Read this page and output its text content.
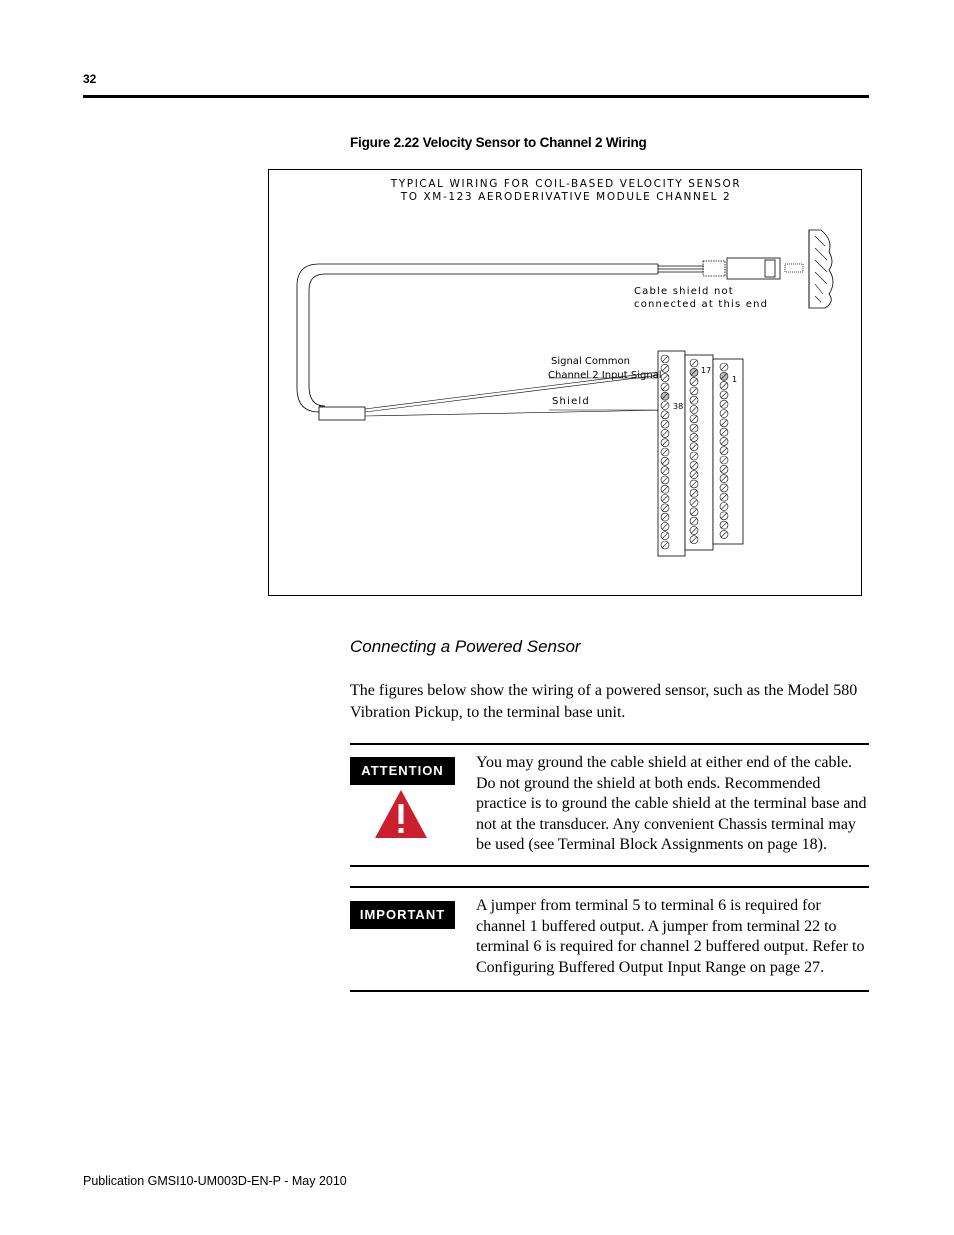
32
Figure 2.22 Velocity Sensor to Channel 2 Wiring
TYPICAL WIRING FOR COIL-BASED VELOCITY SENSOR
TO XM-123 AERODERIVATIVE MODULE CHANNEL 2
Cable shield not
connected at this end
Signal Common
Channel 2 Input Signal
Shield
17
38
1
Connecting a Powered Sensor
The figures below show the wiring of a powered sensor, such as the Model 580 Vibration Pickup, to the terminal base unit.
ATTENTION	You may ground the cable shield at either end of the cable. Do not ground the shield at both ends. Recommended practice is to ground the cable shield at the terminal base and not at the transducer. Any convenient Chassis terminal may be used (see Terminal Block Assignments on page 18).
IMPORTANT
A jumper from terminal 5 to terminal 6 is required for channel 1 buffered output. A jumper from terminal 22 to terminal 6 is required for channel 2 buffered output. Refer to Configuring Buffered Output Input Range on page 27.
Publication GMSI10-UM003D-EN-P - May 2010
